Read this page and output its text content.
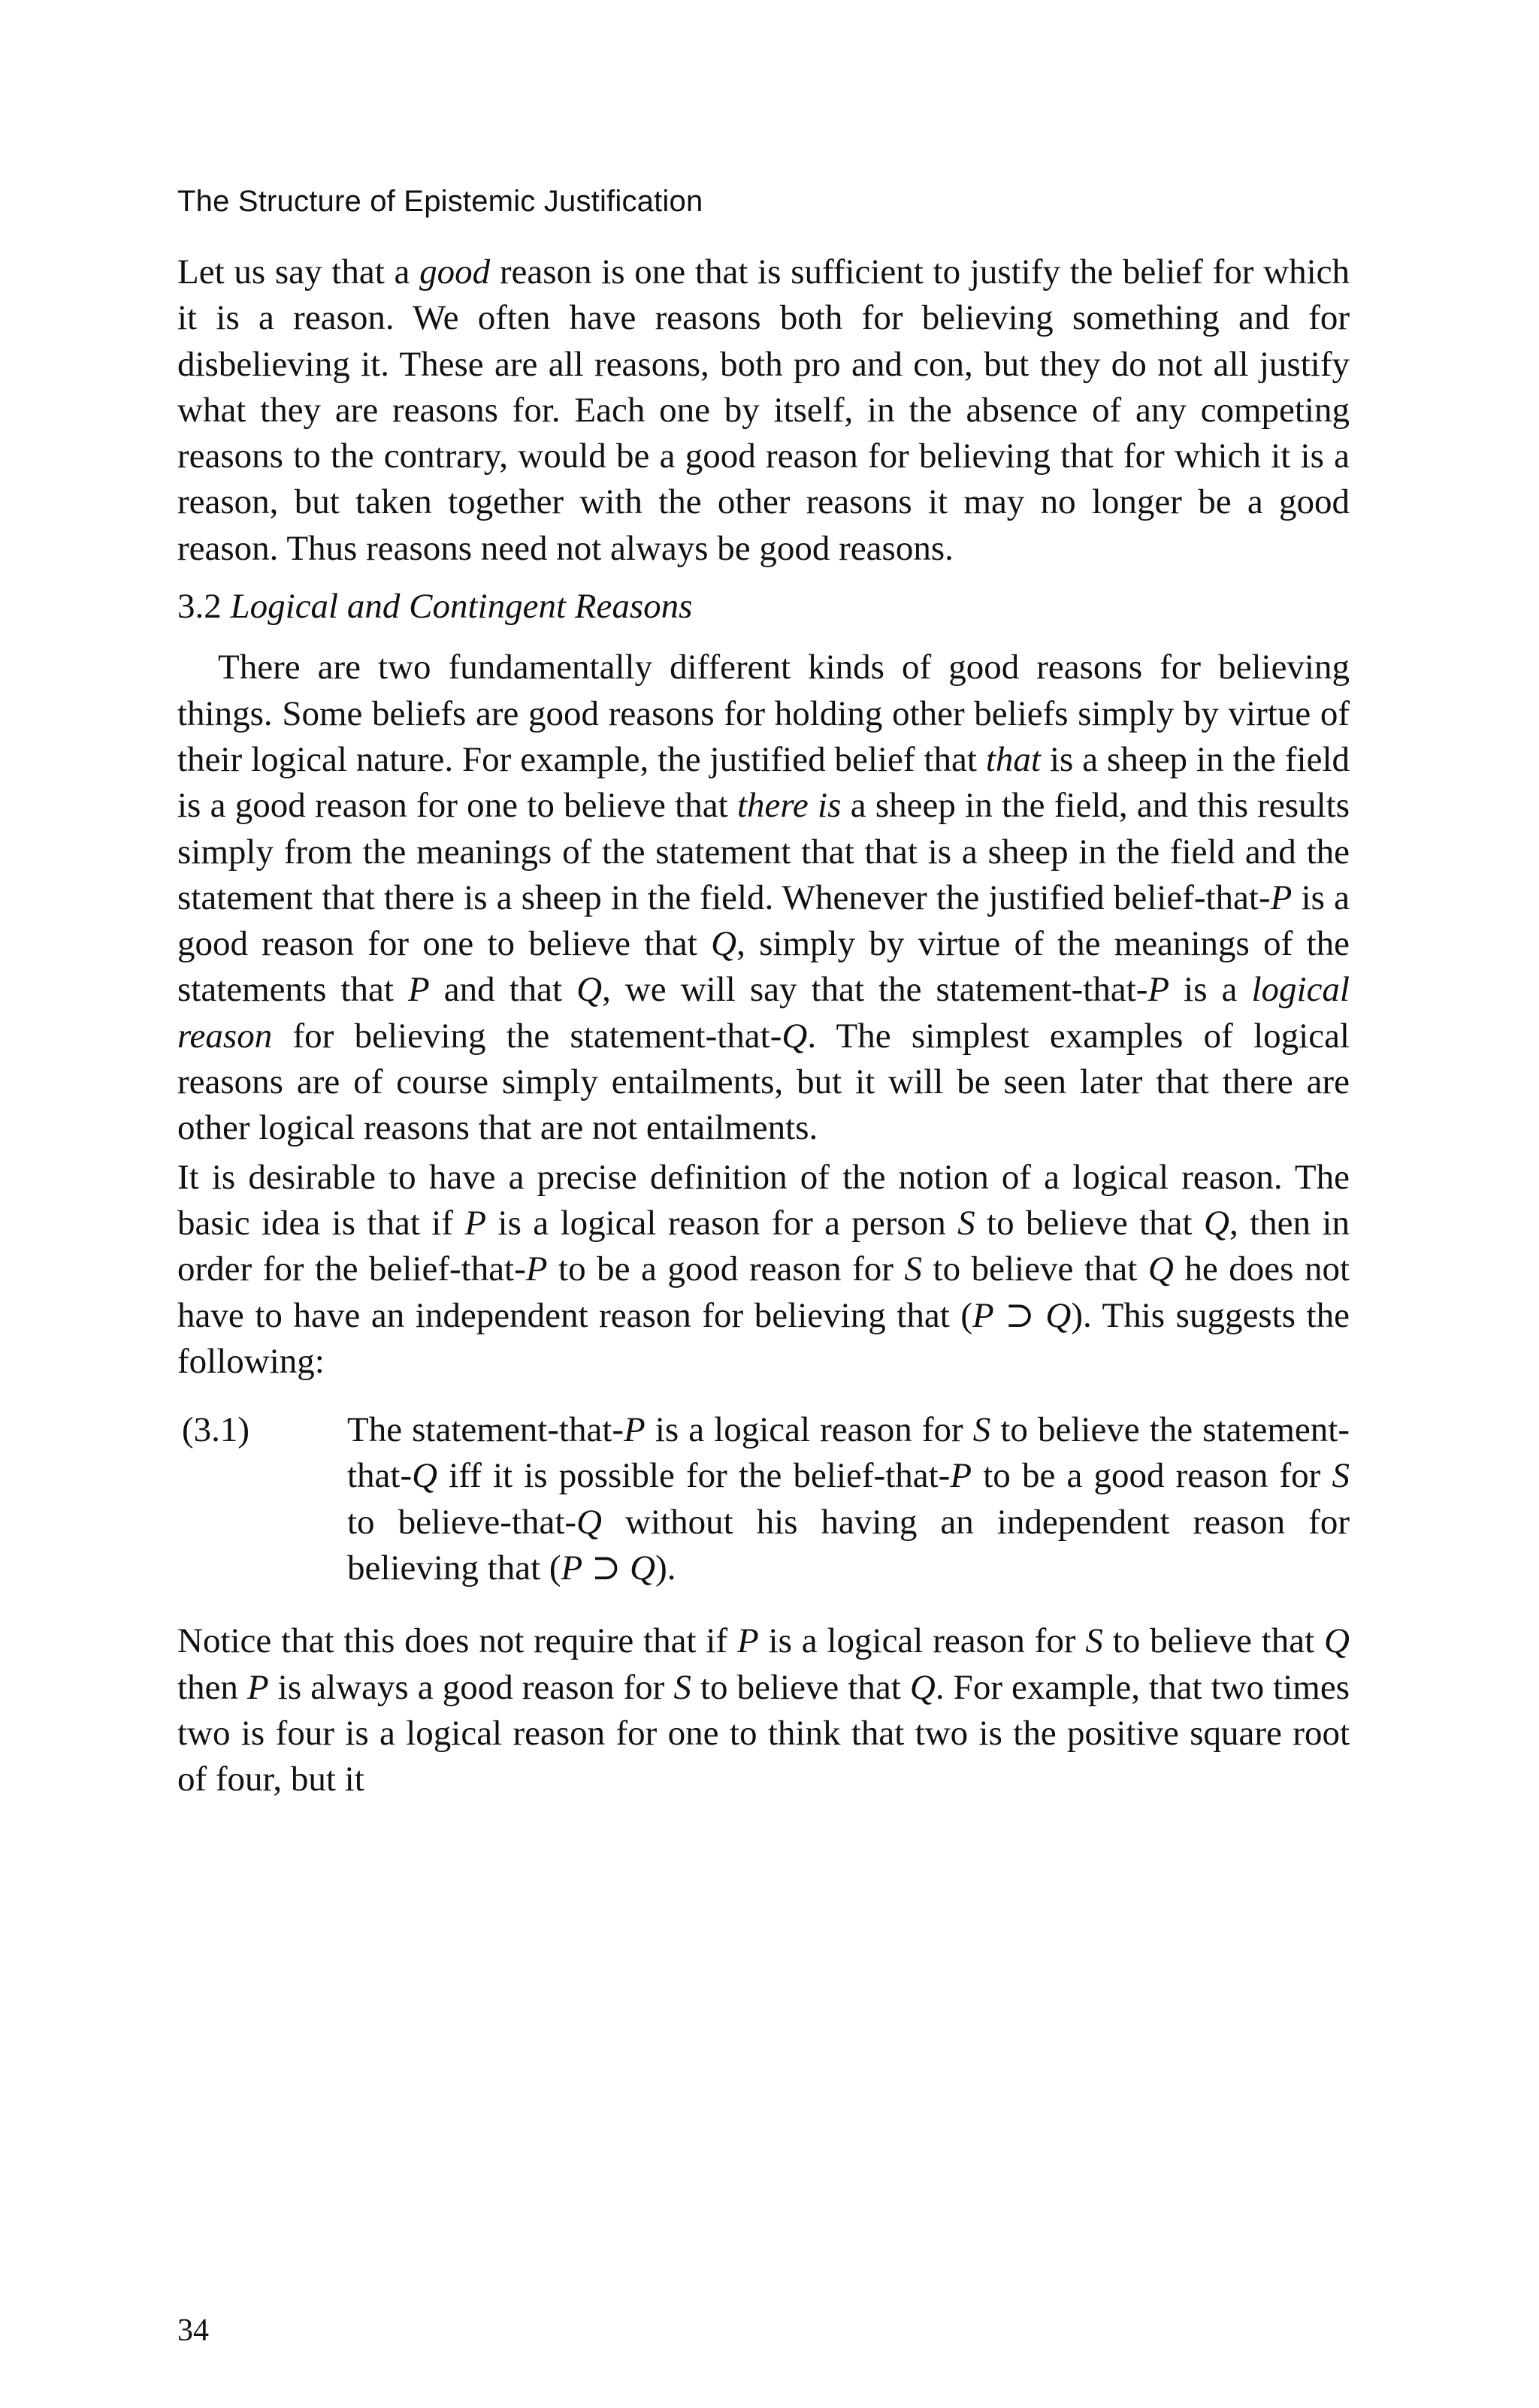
The Structure of Epistemic Justification

Let us say that a good reason is one that is sufficient to justify the belief for which it is a reason. We often have reasons both for believing something and for disbelieving it. These are all reasons, both pro and con, but they do not all justify what they are reasons for. Each one by itself, in the absence of any competing reasons to the contrary, would be a good reason for believing that for which it is a reason, but taken together with the other reasons it may no longer be a good reason. Thus reasons need not always be good reasons.

3.2 Logical and Contingent Reasons

There are two fundamentally different kinds of good reasons for believing things. Some beliefs are good reasons for holding other beliefs simply by virtue of their logical nature. For example, the justified belief that that is a sheep in the field is a good reason for one to believe that there is a sheep in the field, and this results simply from the meanings of the statement that that is a sheep in the field and the statement that there is a sheep in the field. Whenever the justified belief-that-P is a good reason for one to believe that Q, simply by virtue of the meanings of the statements that P and that Q, we will say that the statement-that-P is a logical reason for believing the statement-that-Q. The simplest examples of logical reasons are of course simply entailments, but it will be seen later that there are other logical reasons that are not entailments.

It is desirable to have a precise definition of the notion of a logical reason. The basic idea is that if P is a logical reason for a person S to believe that Q, then in order for the belief-that-P to be a good reason for S to believe that Q he does not have to have an independent reason for believing that (P ⊃ Q). This suggests the following:

(3.1)	The statement-that-P is a logical reason for S to believe the statement-that-Q iff it is possible for the belief-that-P to be a good reason for S to believe-that-Q without his having an independent reason for believing that (P ⊃ Q).

Notice that this does not require that if P is a logical reason for S to believe that Q then P is always a good reason for S to believe that Q. For example, that two times two is four is a logical reason for one to think that two is the positive square root of four, but it

34
